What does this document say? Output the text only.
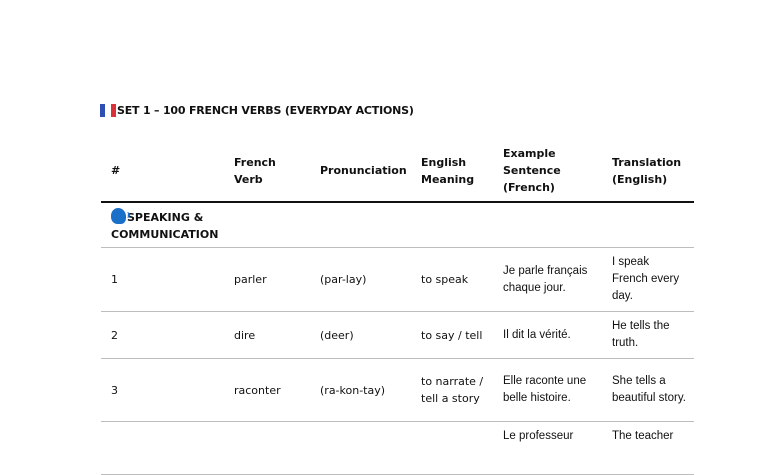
SET 1 – 100 FRENCH VERBS (EVERYDAY ACTIONS)
#	French Verb	Pronunciation	English Meaning	Example Sentence (French)	Translation (English)
SPEAKING & COMMUNICATION					
1	parler	(par-lay)	to speak	Je parle français chaque jour.	I speak French every day.
2	dire	(deer)	to say / tell	Il dit la vérité.	He tells the truth.
3	raconter	(ra-kon-tay)	to narrate / tell a story	Elle raconte une belle histoire.	She tells a beautiful story.
				Le professeur	The teacher
